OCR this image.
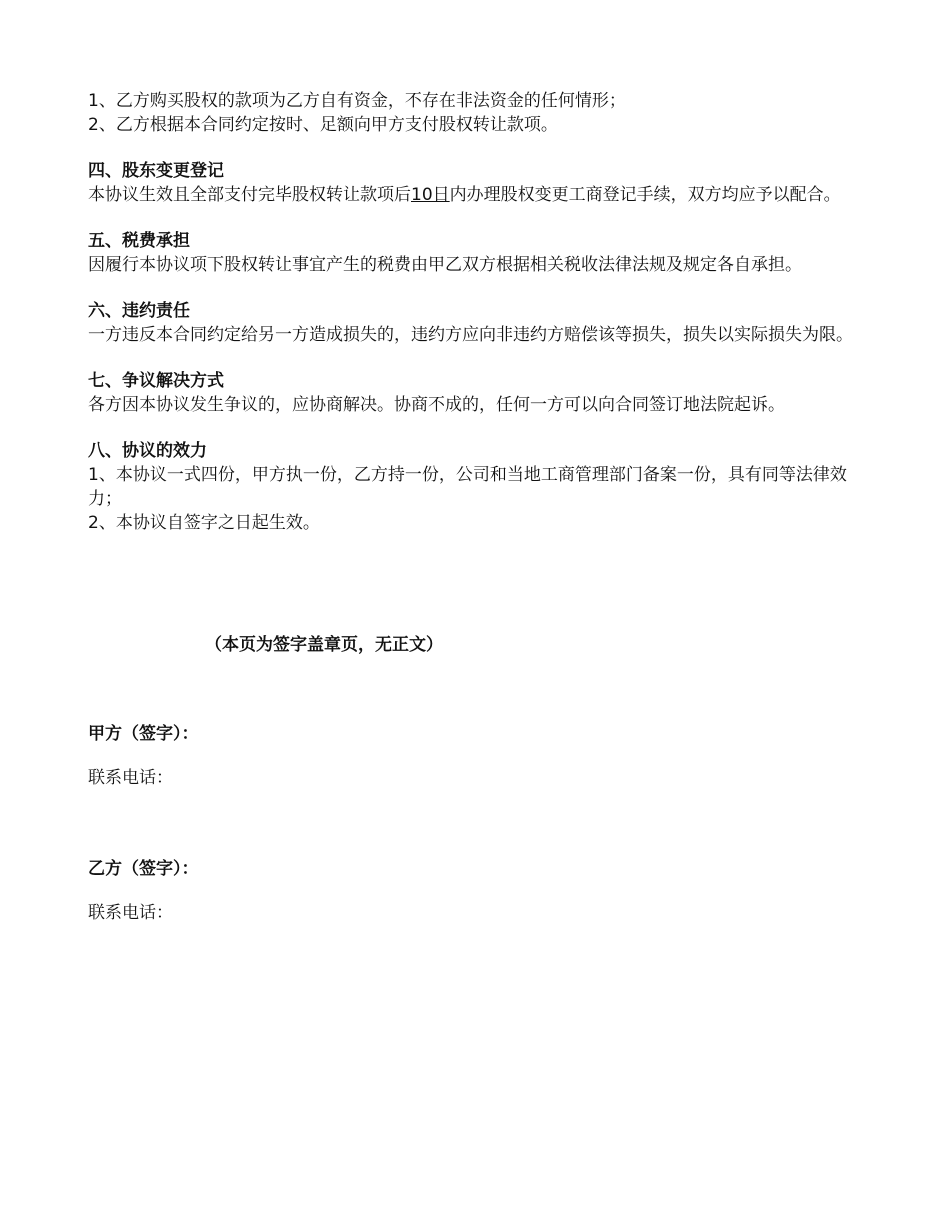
1、乙方购买股权的款项为乙方自有资金，不存在非法资金的任何情形；

2、乙方根据本合同约定按时、足额向甲方支付股权转让款项。

四、股东变更登记

本协议生效且全部支付完毕股权转让款项后10日内办理股权变更工商登记手续，双方均应予以配合。

五、税费承担

因履行本协议项下股权转让事宜产生的税费由甲乙双方根据相关税收法律法规及规定各自承担。

六、违约责任

一方违反本合同约定给另一方造成损失的，违约方应向非违约方赔偿该等损失，损失以实际损失为限。

七、争议解决方式

各方因本协议发生争议的，应协商解决。协商不成的，任何一方可以向合同签订地法院起诉。

八、协议的效力

1、本协议一式四份，甲方执一份，乙方持一份，公司和当地工商管理部门备案一份，具有同等法律效力；

2、本协议自签字之日起生效。

（本页为签字盖章页，无正文）
甲方（签字）：
联系电话：
乙方（签字）：
联系电话：
